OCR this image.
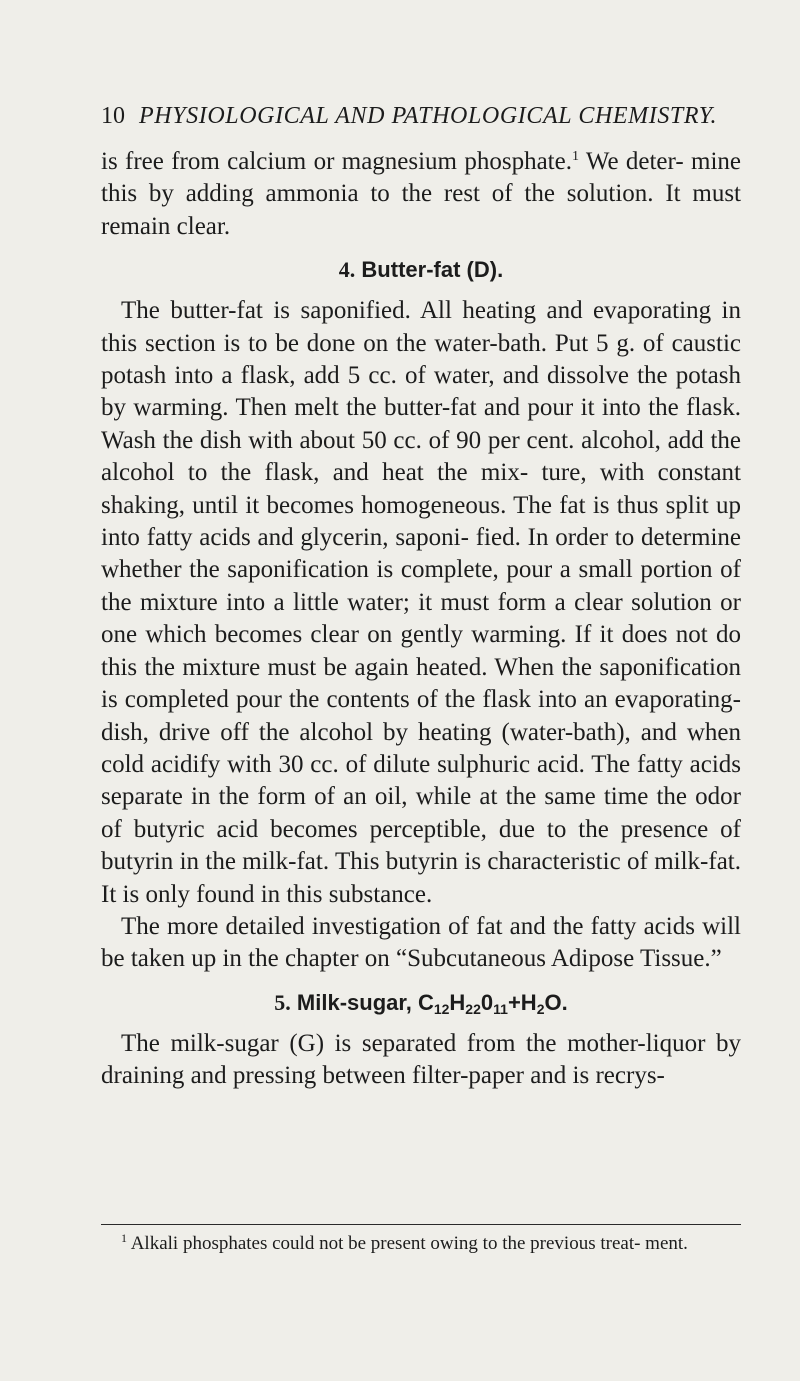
10 PHYSIOLOGICAL AND PATHOLOGICAL CHEMISTRY.

is free from calcium or magnesium phosphate.$^1$ We deter- mine this by adding ammonia to the rest of the solution. It must remain clear.

4. Butter-fat (D).

The butter-fat is saponified. All heating and evaporating in this section is to be done on the water-bath. Put 5 g. of caustic potash into a flask, add 5 cc. of water, and dissolve the potash by warming. Then melt the butter-fat and pour it into the flask. Wash the dish with about 50 cc. of 90 per cent. alcohol, add the alcohol to the flask, and heat the mix- ture, with constant shaking, until it becomes homogeneous. The fat is thus split up into fatty acids and glycerin, saponi- fied. In order to determine whether the saponification is complete, pour a small portion of the mixture into a little water; it must form a clear solution or one which becomes clear on gently warming. If it does not do this the mixture must be again heated. When the saponification is completed pour the contents of the flask into an evaporating-dish, drive off the alcohol by heating (water-bath), and when cold acidify with 30 cc. of dilute sulphuric acid. The fatty acids separate in the form of an oil, while at the same time the odor of butyric acid becomes perceptible, due to the presence of butyrin in the milk-fat. This butyrin is characteristic of milk-fat. It is only found in this substance.

The more detailed investigation of fat and the fatty acids will be taken up in the chapter on “Subcutaneous Adipose Tissue.”

5. Milk-sugar, $C_{12}H_{22}0_{11}+H_2O$.

The milk-sugar (G) is separated from the mother-liquor by draining and pressing between filter-paper and is recrys-

$^1$ Alkali phosphates could not be present owing to the previous treat- ment.
